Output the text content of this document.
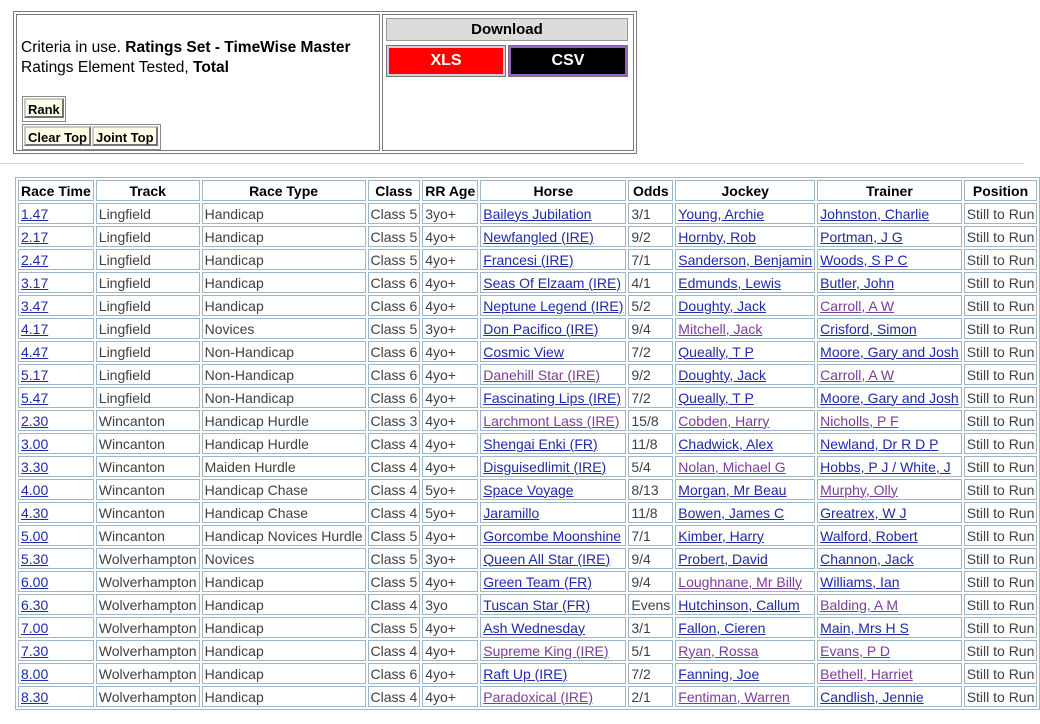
Criteria in use. Ratings Set - TimeWise Master
Ratings Element Tested, Total
Rank
Clear Top Joint Top
Download
XLS	CSV
Race Time	Track	Race Type	Class	RR Age	Horse	Odds	Jockey	Trainer	Position
1.47	Lingfield	Handicap	Class 5	3yo+	Baileys Jubilation	3/1	Young, Archie	Johnston, Charlie	Still to Run
2.17	Lingfield	Handicap	Class 5	4yo+	Newfangled (IRE)	9/2	Hornby, Rob	Portman, J G	Still to Run
2.47	Lingfield	Handicap	Class 5	4yo+	Francesi (IRE)	7/1	Sanderson, Benjamin	Woods, S P C	Still to Run
3.17	Lingfield	Handicap	Class 6	4yo+	Seas Of Elzaam (IRE)	4/1	Edmunds, Lewis	Butler, John	Still to Run
3.47	Lingfield	Handicap	Class 6	4yo+	Neptune Legend (IRE)	5/2	Doughty, Jack	Carroll, A W	Still to Run
4.17	Lingfield	Novices	Class 5	3yo+	Don Pacifico (IRE)	9/4	Mitchell, Jack	Crisford, Simon	Still to Run
4.47	Lingfield	Non-Handicap	Class 6	4yo+	Cosmic View	7/2	Queally, T P	Moore, Gary and Josh	Still to Run
5.17	Lingfield	Non-Handicap	Class 6	4yo+	Danehill Star (IRE)	9/2	Doughty, Jack	Carroll, A W	Still to Run
5.47	Lingfield	Non-Handicap	Class 6	4yo+	Fascinating Lips (IRE)	7/2	Queally, T P	Moore, Gary and Josh	Still to Run
2.30	Wincanton	Handicap Hurdle	Class 3	4yo+	Larchmont Lass (IRE)	15/8	Cobden, Harry	Nicholls, P F	Still to Run
3.00	Wincanton	Handicap Hurdle	Class 4	4yo+	Shengai Enki (FR)	11/8	Chadwick, Alex	Newland, Dr R D P	Still to Run
3.30	Wincanton	Maiden Hurdle	Class 4	4yo+	Disguisedlimit (IRE)	5/4	Nolan, Michael G	Hobbs, P J / White, J	Still to Run
4.00	Wincanton	Handicap Chase	Class 4	5yo+	Space Voyage	8/13	Morgan, Mr Beau	Murphy, Olly	Still to Run
4.30	Wincanton	Handicap Chase	Class 4	5yo+	Jaramillo	11/8	Bowen, James C	Greatrex, W J	Still to Run
5.00	Wincanton	Handicap Novices Hurdle	Class 5	4yo+	Gorcombe Moonshine	7/1	Kimber, Harry	Walford, Robert	Still to Run
5.30	Wolverhampton	Novices	Class 5	3yo+	Queen All Star (IRE)	9/4	Probert, David	Channon, Jack	Still to Run
6.00	Wolverhampton	Handicap	Class 5	4yo+	Green Team (FR)	9/4	Loughnane, Mr Billy	Williams, Ian	Still to Run
6.30	Wolverhampton	Handicap	Class 4	3yo	Tuscan Star (FR)	Evens	Hutchinson, Callum	Balding, A M	Still to Run
7.00	Wolverhampton	Handicap	Class 5	4yo+	Ash Wednesday	3/1	Fallon, Cieren	Main, Mrs H S	Still to Run
7.30	Wolverhampton	Handicap	Class 4	4yo+	Supreme King (IRE)	5/1	Ryan, Rossa	Evans, P D	Still to Run
8.00	Wolverhampton	Handicap	Class 6	4yo+	Raft Up (IRE)	7/2	Fanning, Joe	Bethell, Harriet	Still to Run
8.30	Wolverhampton	Handicap	Class 4	4yo+	Paradoxical (IRE)	2/1	Fentiman, Warren	Candlish, Jennie	Still to Run
